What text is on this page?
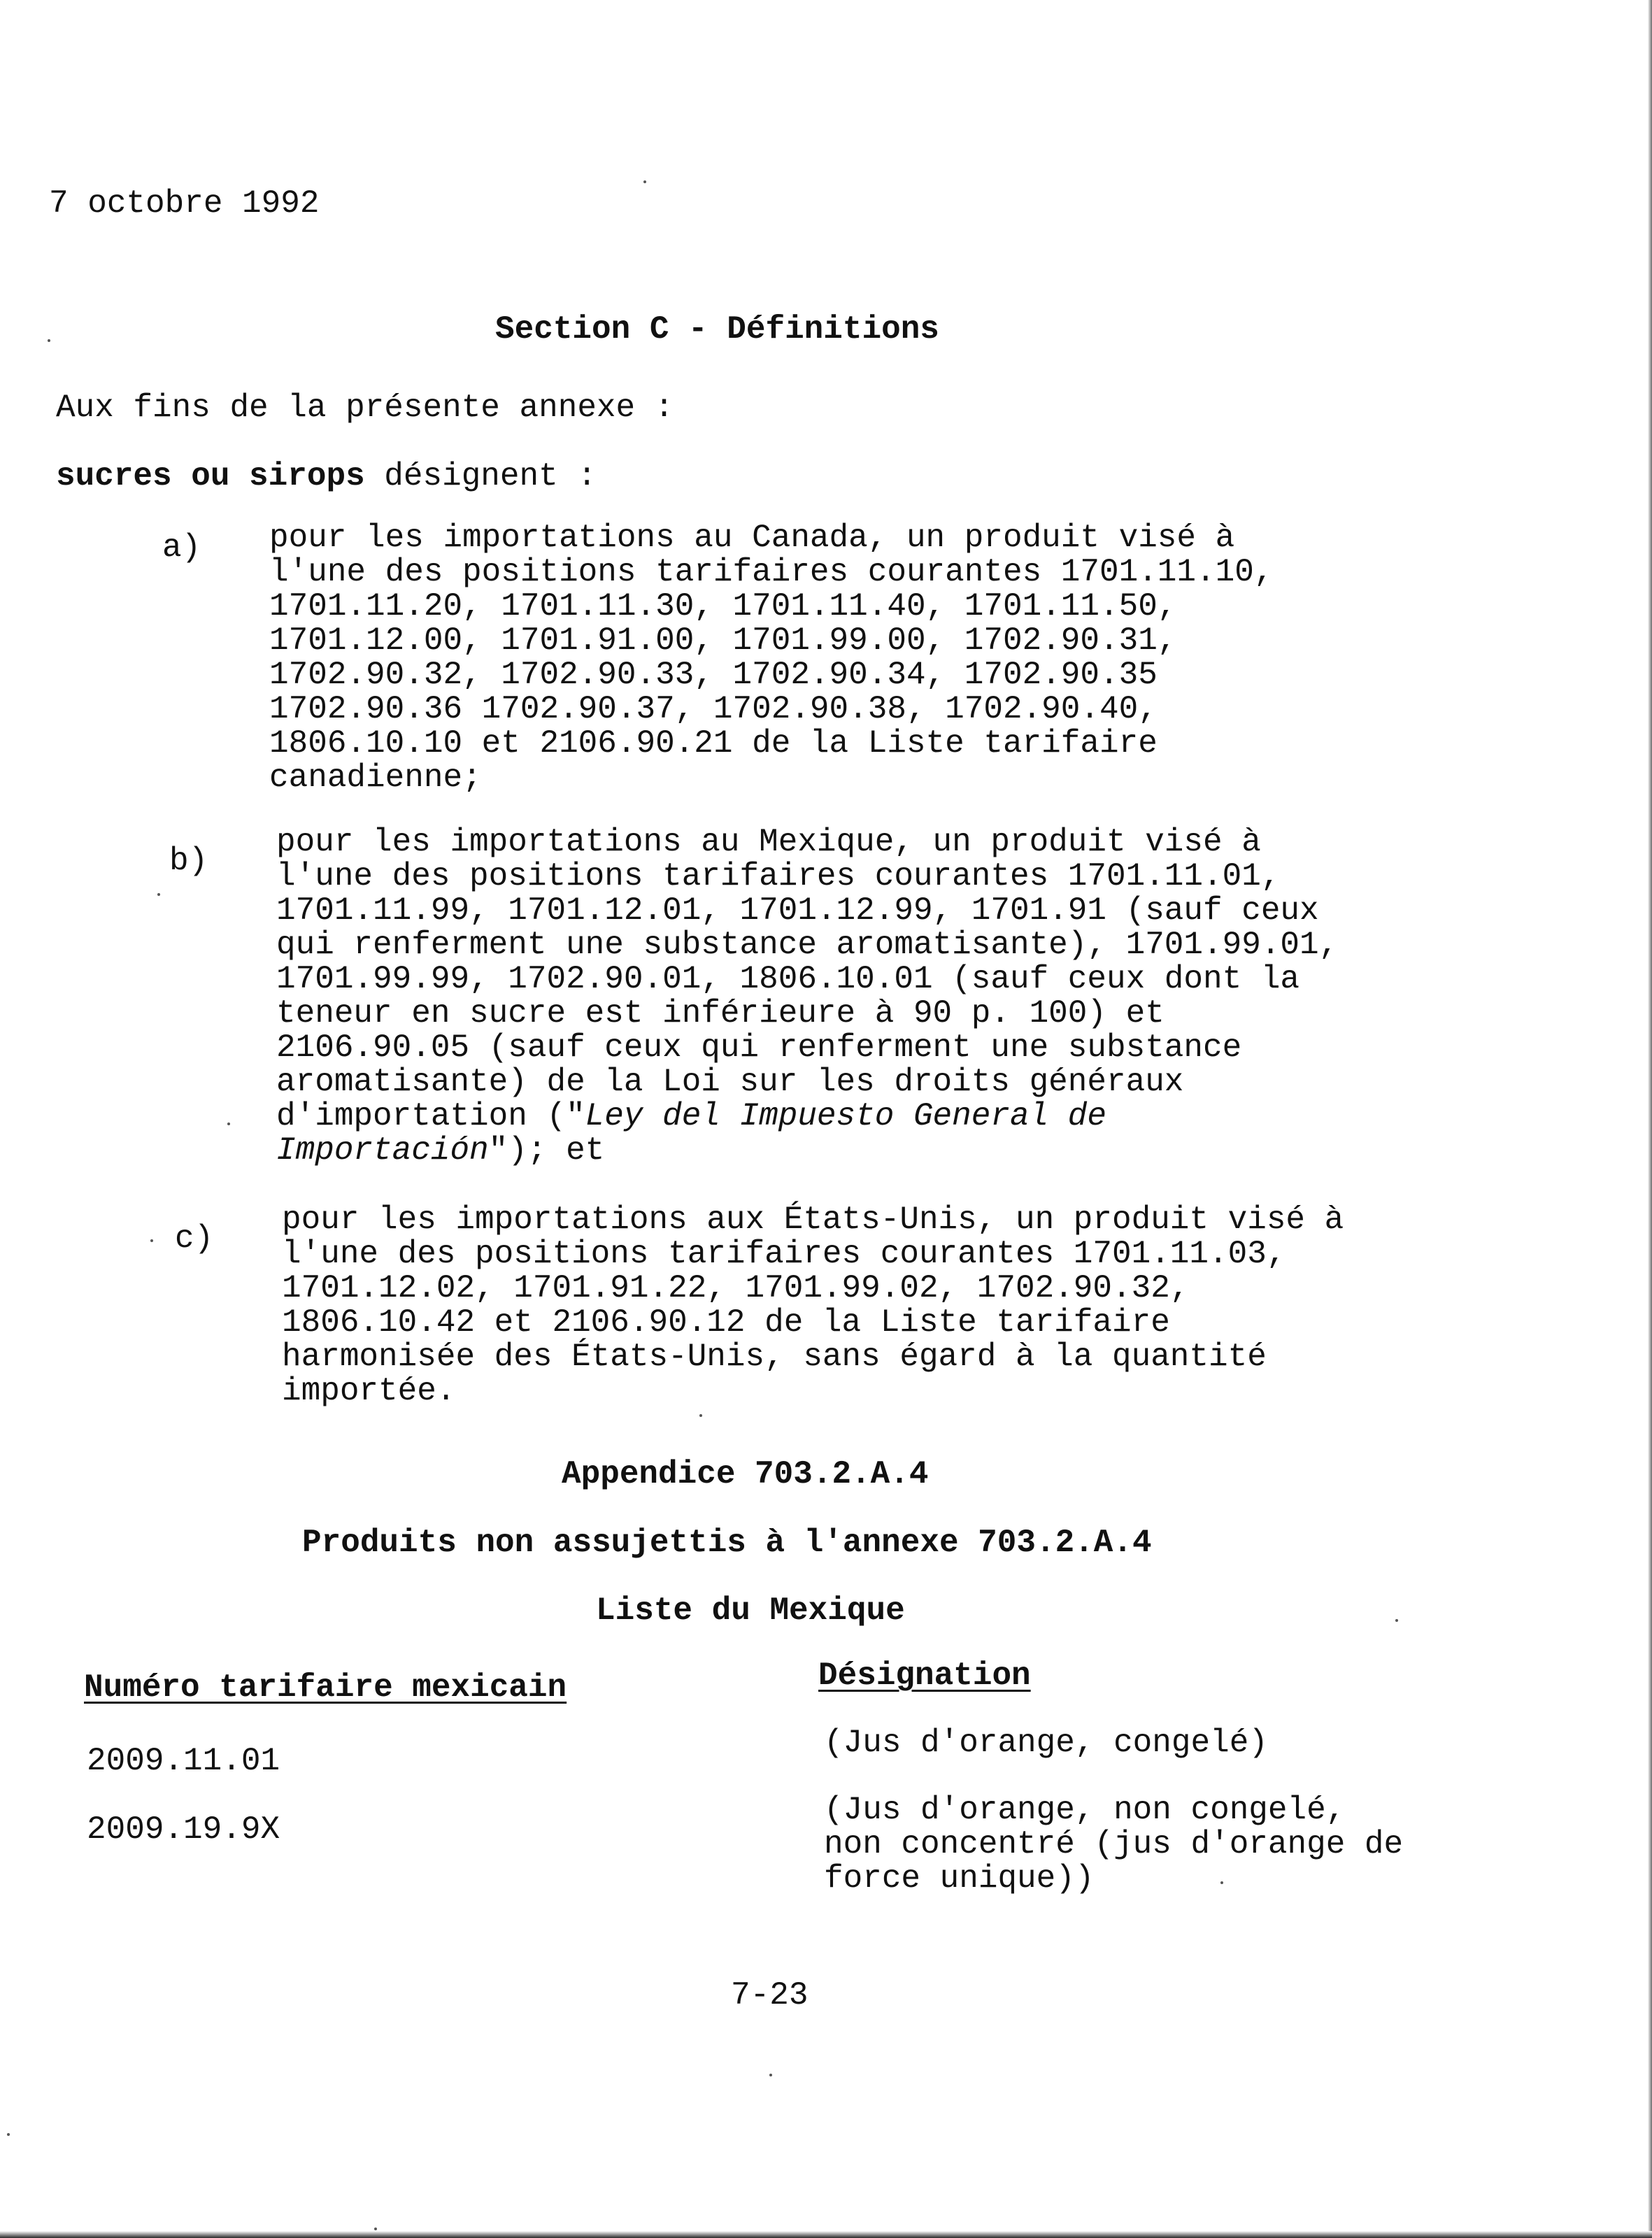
7 octobre 1992
Section C - Définitions
Aux fins de la présente annexe :
sucres ou sirops désignent :
a) pour les importations au Canada, un produit visé à
l'une des positions tarifaires courantes 1701.11.10,
1701.11.20, 1701.11.30, 1701.11.40, 1701.11.50,
1701.12.00, 1701.91.00, 1701.99.00, 1702.90.31,
1702.90.32, 1702.90.33, 1702.90.34, 1702.90.35
1702.90.36 1702.90.37, 1702.90.38, 1702.90.40,
1806.10.10 et 2106.90.21 de la Liste tarifaire
canadienne;
b)
pour les importations au Mexique, un produit visé à
l'une des positions tarifaires courantes 1701.11.01,
1701.11.99, 1701.12.01, 1701.12.99, 1701.91 (sauf ceux
qui renferment une substance aromatisante), 1701.99.01,
1701.99.99, 1702.90.01, 1806.10.01 (sauf ceux dont la
teneur en sucre est inférieure à 90 p. 100) et
2106.90.05 (sauf ceux qui renferment une substance
aromatisante) de la Loi sur les droits généraux
d'importation ("Ley del Impuesto General de
Importación"); et
c)
pour les importations aux États-Unis, un produit visé à
l'une des positions tarifaires courantes 1701.11.03,
1701.12.02, 1701.91.22, 1701.99.02, 1702.90.32,
1806.10.42 et 2106.90.12 de la Liste tarifaire
harmonisée des États-Unis, sans égard à la quantité
importée.
Appendice 703.2.A.4
Produits non assujettis à l'annexe 703.2.A.4
Liste du Mexique
Numéro tarifaire mexicain	Désignation
2009.11.01	(Jus d'orange, congelé)
2009.19.9X
(Jus d'orange, non congelé,
non concentré (jus d'orange de
force unique))
7-23
